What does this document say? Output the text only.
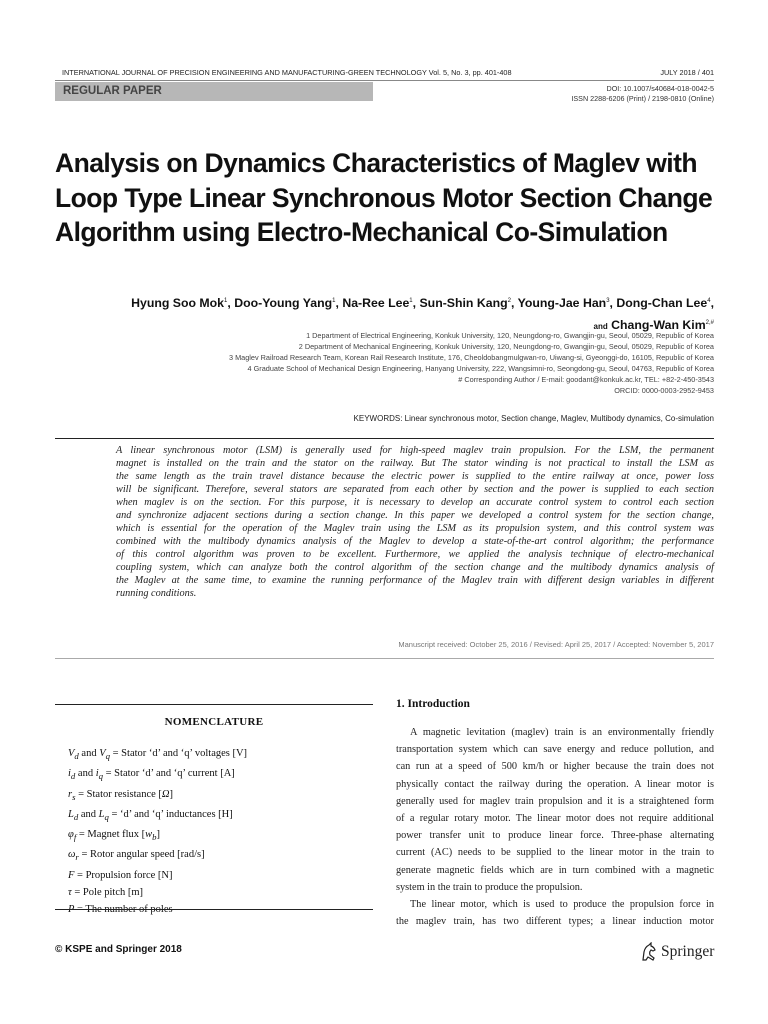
INTERNATIONAL JOURNAL OF PRECISION ENGINEERING AND MANUFACTURING-GREEN TECHNOLOGY Vol. 5, No. 3, pp. 401-408	JULY 2018 / 401
REGULAR PAPER	DOI: 10.1007/s40684-018-0042-5
ISSN 2288-6206 (Print) / 2198-0810 (Online)
Analysis on Dynamics Characteristics of Maglev with
Loop Type Linear Synchronous Motor Section Change
Algorithm using Electro-Mechanical Co-Simulation
Hyung Soo Mok$^1$, Doo-Young Yang$^1$, Na-Ree Lee$^1$, Sun-Shin Kang$^2$, Young-Jae Han$^3$, Dong-Chan Lee$^4$,
and Chang-Wan Kim$^{2,\#}$
1 Department of Electrical Engineering, Konkuk University, 120, Neungdong-ro, Gwangjin-gu, Seoul, 05029, Republic of Korea
2 Department of Mechanical Engineering, Konkuk University, 120, Neungdong-ro, Gwangjin-gu, Seoul, 05029, Republic of Korea
3 Maglev Railroad Research Team, Korean Rail Research Institute, 176, Cheoldobangmulgwan-ro, Uiwang-si, Gyeonggi-do, 16105, Republic of Korea
4 Graduate School of Mechanical Design Engineering, Hanyang University, 222, Wangsimni-ro, Seongdong-gu, Seoul, 04763, Republic of Korea
# Corresponding Author / E-mail: goodant@konkuk.ac.kr, TEL: +82-2-450-3543
ORCID: 0000-0003-2952-9453
KEYWORDS: Linear synchronous motor, Section change, Maglev, Multibody dynamics, Co-simulation
A linear synchronous motor (LSM) is generally used for high-speed maglev train propulsion. For the LSM, the permanent
magnet is installed on the train and the stator on the railway. But The stator winding is not practical to install the LSM as
the same length as the train travel distance because the electric power is supplied to the entire railway at once, power loss
will be significant. Therefore, several stators are separated from each other by section and the power is supplied to each section
when maglev is on the section. For this purpose, it is necessary to develop an accurate control system to control each section
and synchronize adjacent sections during a section change. In this paper we developed a control system for the section change,
which is essential for the operation of the Maglev train using the LSM as its propulsion system, and this control system was
combined with the multibody dynamics analysis of the Maglev to develop a state-of-the-art control algorithm; the performance
of this control algorithm was proven to be excellent. Furthermore, we applied the analysis technique of electro-mechanical
coupling system, which can analyze both the control algorithm of the section change and the multibody dynamics analysis of
the Maglev at the same time, to examine the running performance of the Maglev train with different design variables in different
running conditions.
Manuscript received: October 25, 2016 / Revised: April 25, 2017 / Accepted: November 5, 2017
NOMENCLATURE
$V_d$ and $V_q$ = Stator ‘d’ and ‘q’ voltages [V]
$i_d$ and $i_q$ = Stator ‘d’ and ‘q’ current [A]
$r_s$ = Stator resistance [Ω]
$L_d$ and $L_q$ = ‘d’ and ‘q’ inductances [H]
$\varphi_f$ = Magnet flux $[w_b]$
$\omega_r$ = Rotor angular speed [rad/s]
F = Propulsion force [N]
τ = Pole pitch [m]
P = The number of poles
1. Introduction
A magnetic levitation (maglev) train is an environmentally friendly
transportation system which can save energy and reduce pollution, and
can run at a speed of 500 km/h or higher because the train does not
physically contact the railway during the operation. A linear motor is
generally used for maglev train propulsion and it is a straightened form
of a regular rotary motor. The linear motor does not require additional
power transfer unit to produce linear force. Three-phase alternating
current (AC) needs to be supplied to the linear motor in the train to
generate magnetic fields which are in turn combined with a magnetic
system in the train to produce the propulsion.
The linear motor, which is used to produce the propulsion force in
the maglev train, has two different types; a linear induction motor
© KSPE and Springer 2018	Springer
